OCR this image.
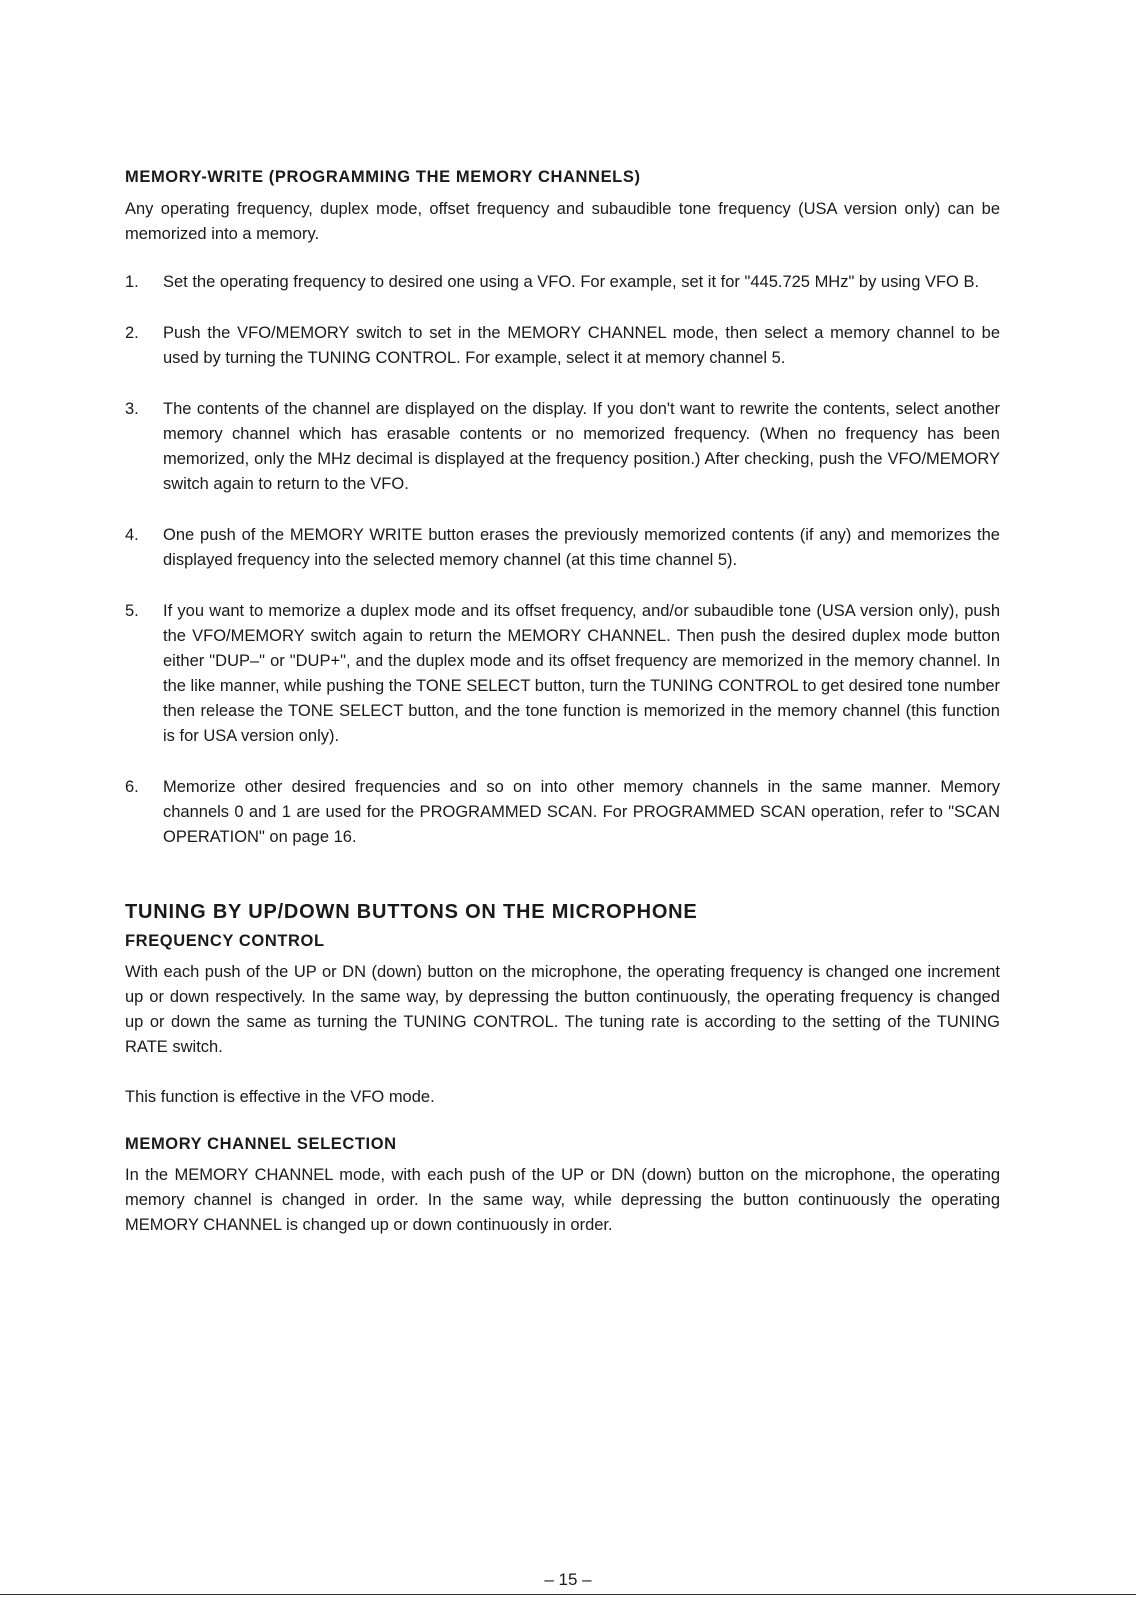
MEMORY-WRITE (PROGRAMMING THE MEMORY CHANNELS)

Any operating frequency, duplex mode, offset frequency and subaudible tone frequency (USA version only) can be memorized into a memory.

1.	Set the operating frequency to desired one using a VFO. For example, set it for "445.725 MHz" by using VFO B.
2.	Push the VFO/MEMORY switch to set in the MEMORY CHANNEL mode, then select a memory channel to be used by turning the TUNING CONTROL. For example, select it at memory channel 5.
3.	The contents of the channel are displayed on the display. If you don't want to rewrite the contents, select another memory channel which has erasable contents or no memorized frequency. (When no frequency has been memorized, only the MHz decimal is displayed at the frequency position.) After checking, push the VFO/MEMORY switch again to return to the VFO.
4.	One push of the MEMORY WRITE button erases the previously memorized contents (if any) and memorizes the displayed frequency into the selected memory channel (at this time channel 5).
5.	If you want to memorize a duplex mode and its offset frequency, and/or subaudible tone (USA version only), push the VFO/MEMORY switch again to return the MEMORY CHANNEL. Then push the desired duplex mode button either "DUP–" or "DUP+", and the duplex mode and its offset frequency are memorized in the memory channel. In the like manner, while pushing the TONE SELECT button, turn the TUNING CONTROL to get desired tone number then release the TONE SELECT button, and the tone function is memorized in the memory channel (this function is for USA version only).
6.	Memorize other desired frequencies and so on into other memory channels in the same manner. Memory channels 0 and 1 are used for the PROGRAMMED SCAN. For PROGRAMMED SCAN operation, refer to "SCAN OPERATION" on page 16.
TUNING BY UP/DOWN BUTTONS ON THE MICROPHONE
FREQUENCY CONTROL

With each push of the UP or DN (down) button on the microphone, the operating frequency is changed one increment up or down respectively. In the same way, by depressing the button continuously, the operating frequency is changed up or down the same as turning the TUNING CONTROL. The tuning rate is according to the setting of the TUNING RATE switch.

This function is effective in the VFO mode.

MEMORY CHANNEL SELECTION

In the MEMORY CHANNEL mode, with each push of the UP or DN (down) button on the microphone, the operating memory channel is changed in order. In the same way, while depressing the button continuously the operating MEMORY CHANNEL is changed up or down continuously in order.

– 15 –
